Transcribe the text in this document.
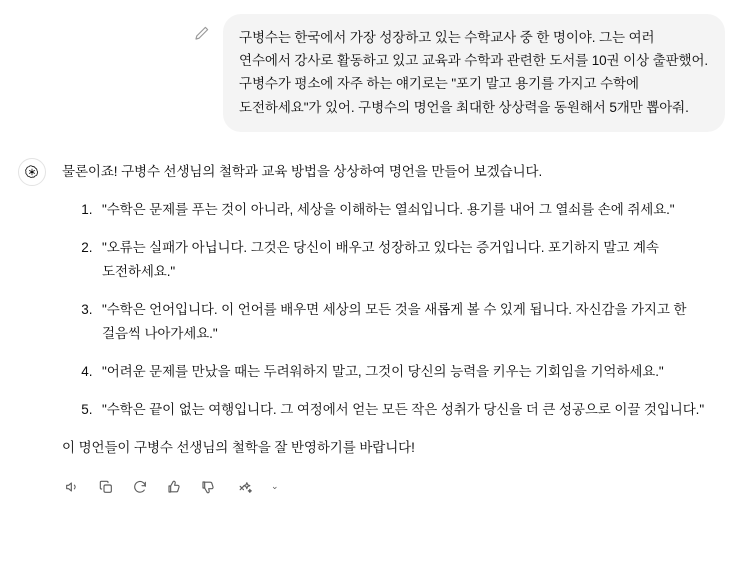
구병수는 한국에서 가장 성장하고 있는 수학교사 중 한 명이야. 그는 여러 연수에서 강사로 활동하고 있고 교육과 수학과 관련한 도서를 10권 이상 출판했어. 구병수가 평소에 자주 하는 얘기로는 "포기 말고 용기를 가지고 수학에 도전하세요"가 있어. 구병수의 명언을 최대한 상상력을 동원해서 5개만 뽑아줘.

물론이죠! 구병수 선생님의 철학과 교육 방법을 상상하여 명언을 만들어 보겠습니다.

1. "수학은 문제를 푸는 것이 아니라, 세상을 이해하는 열쇠입니다. 용기를 내어 그 열쇠를 손에 쥐세요."
2. "오류는 실패가 아닙니다. 그것은 당신이 배우고 성장하고 있다는 증거입니다. 포기하지 말고 계속 도전하세요."
3. "수학은 언어입니다. 이 언어를 배우면 세상의 모든 것을 새롭게 볼 수 있게 됩니다. 자신감을 가지고 한 걸음씩 나아가세요."
4. "어려운 문제를 만났을 때는 두려워하지 말고, 그것이 당신의 능력을 키우는 기회임을 기억하세요."
5. "수학은 끝이 없는 여행입니다. 그 여정에서 얻는 모든 작은 성취가 당신을 더 큰 성공으로 이끌 것입니다."

이 명언들이 구병수 선생님의 철학을 잘 반영하기를 바랍니다!

⌄
